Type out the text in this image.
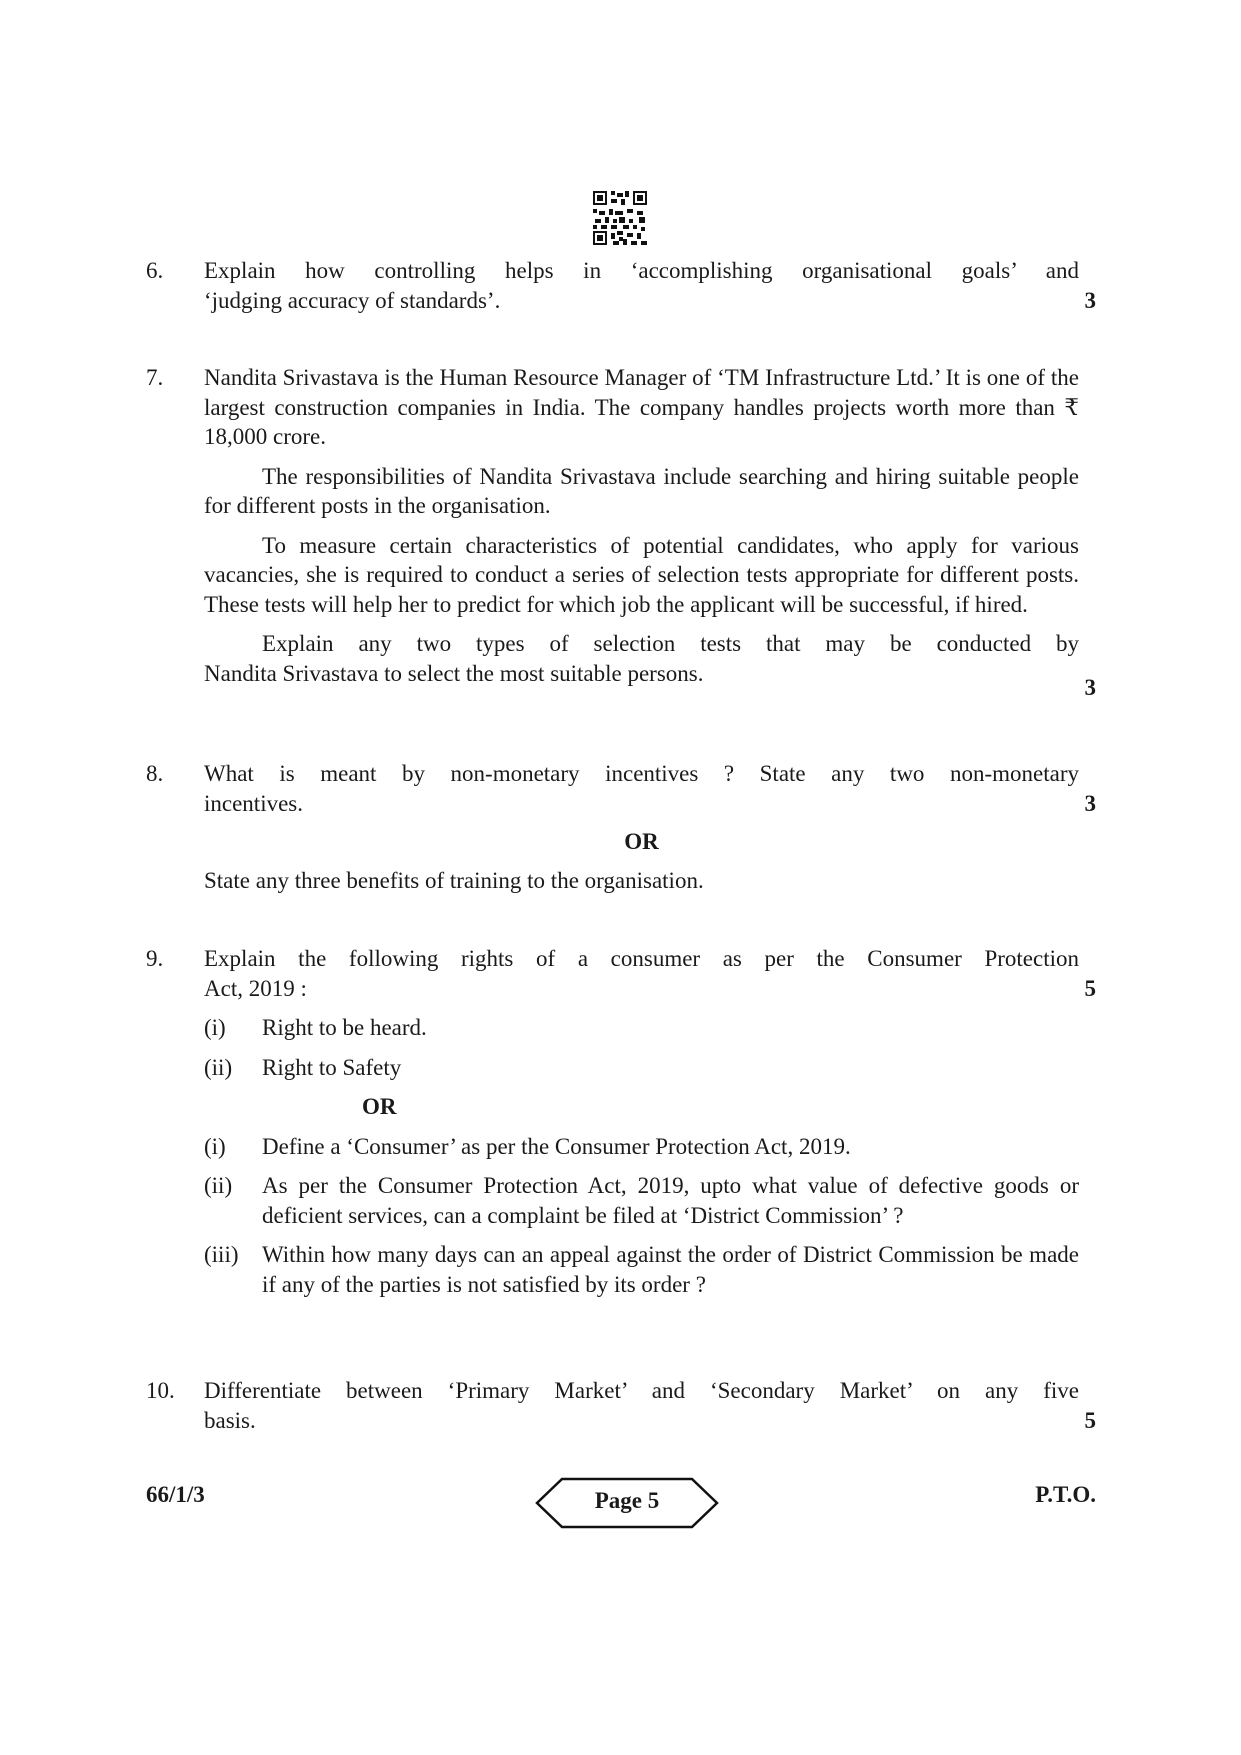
6. Explain how controlling helps in ‘accomplishing organisational goals’ and
‘judging accuracy of standards’.	3
7. Nandita Srivastava is the Human Resource Manager of ‘TM Infrastructure Ltd.’ It is one of the largest construction companies in India. The company handles projects worth more than ₹ 18,000 crore.
The responsibilities of Nandita Srivastava include searching and hiring suitable people for different posts in the organisation.
To measure certain characteristics of potential candidates, who apply for various vacancies, she is required to conduct a series of selection tests appropriate for different posts. These tests will help her to predict for which job the applicant will be successful, if hired.
Explain any two types of selection tests that may be conducted by
Nandita Srivastava to select the most suitable persons.
3
8. What is meant by non-monetary incentives ? State any two non-monetary
incentives.
OR
State any three benefits of training to the organisation.
3
9. Explain the following rights of a consumer as per the Consumer Protection
Act, 2019 :	5
(i) Right to be heard.
(ii) Right to Safety
OR
(i) Define a ‘Consumer’ as per the Consumer Protection Act, 2019.
(ii) As per the Consumer Protection Act, 2019, upto what value of defective goods or deficient services, can a complaint be filed at ‘District Commission’ ?
(iii) Within how many days can an appeal against the order of District Commission be made if any of the parties is not satisfied by its order ?
10. Differentiate between ‘Primary Market’ and ‘Secondary Market’ on any five
basis.	5
66/1/3	Page 5	P.T.O.
